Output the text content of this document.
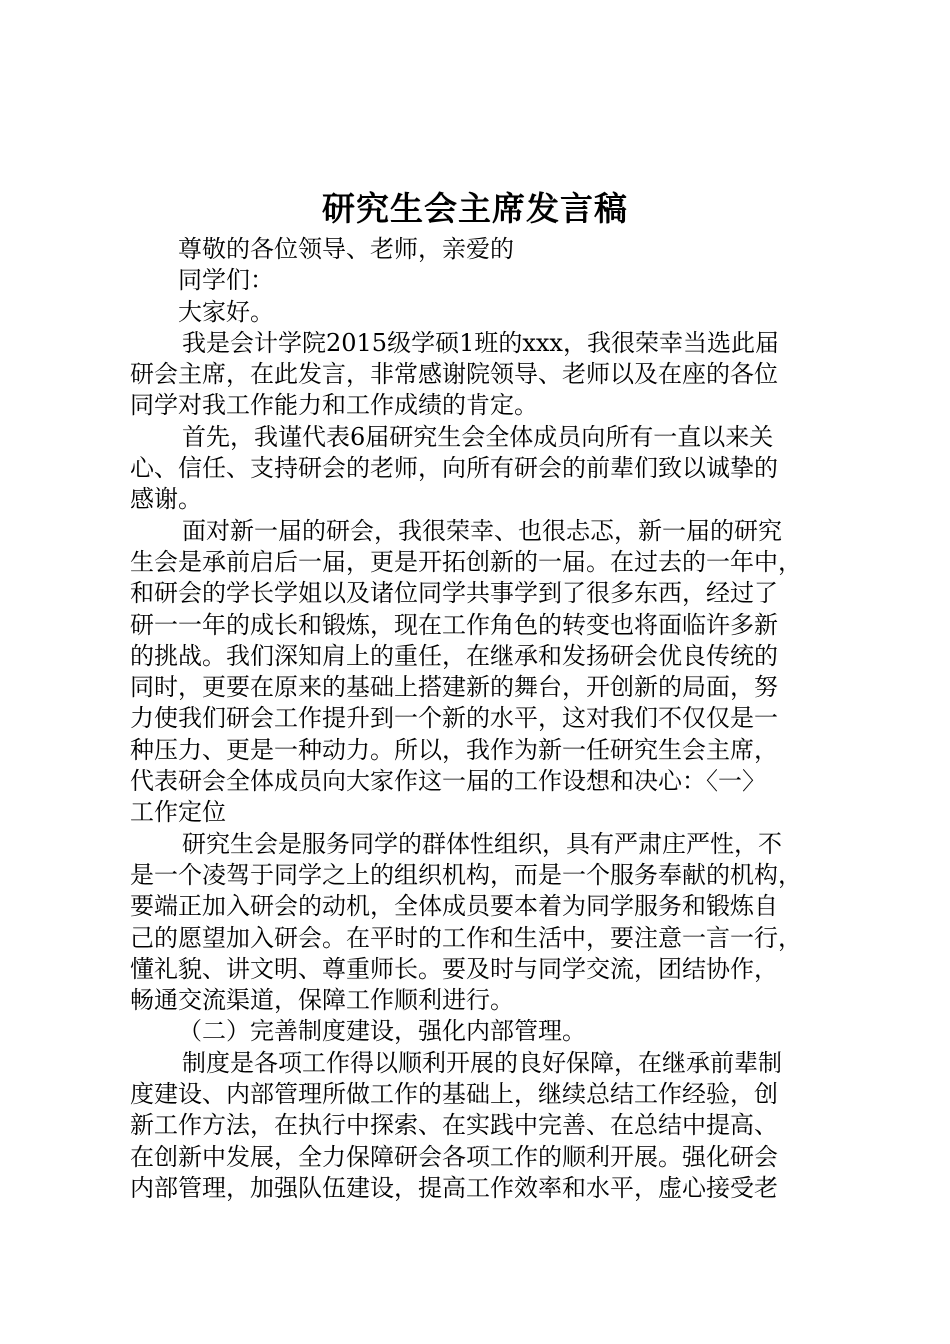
研究生会主席发言稿
尊敬的各位领导、老师，亲爱的
同学们：
大家好。
我是会计学院2015级学硕1班的xxx，我很荣幸当选此届
研会主席，在此发言，非常感谢院领导、老师以及在座的各位
同学对我工作能力和工作成绩的肯定。
首先，我谨代表6届研究生会全体成员向所有一直以来关
心、信任、支持研会的老师，向所有研会的前辈们致以诚挚的
感谢。
面对新一届的研会，我很荣幸、也很忐忑，新一届的研究
生会是承前启后一届，更是开拓创新的一届。在过去的一年中，
和研会的学长学姐以及诸位同学共事学到了很多东西，经过了
研一一年的成长和锻炼，现在工作角色的转变也将面临许多新
的挑战。我们深知肩上的重任，在继承和发扬研会优良传统的
同时，更要在原来的基础上搭建新的舞台，开创新的局面，努
力使我们研会工作提升到一个新的水平，这对我们不仅仅是一
种压力、更是一种动力。所以，我作为新一任研究生会主席，
代表研会全体成员向大家作这一届的工作设想和决心：〈一〉
工作定位
研究生会是服务同学的群体性组织，具有严肃庄严性，不
是一个凌驾于同学之上的组织机构，而是一个服务奉献的机构，
要端正加入研会的动机，全体成员要本着为同学服务和锻炼自
己的愿望加入研会。在平时的工作和生活中，要注意一言一行，
懂礼貌、讲文明、尊重师长。要及时与同学交流，团结协作，
畅通交流渠道，保障工作顺利进行。
（二）完善制度建设，强化内部管理。
制度是各项工作得以顺利开展的良好保障，在继承前辈制
度建设、内部管理所做工作的基础上，继续总结工作经验，创
新工作方法，在执行中探索、在实践中完善、在总结中提高、
在创新中发展，全力保障研会各项工作的顺利开展。强化研会
内部管理，加强队伍建设，提高工作效率和水平，虚心接受老
